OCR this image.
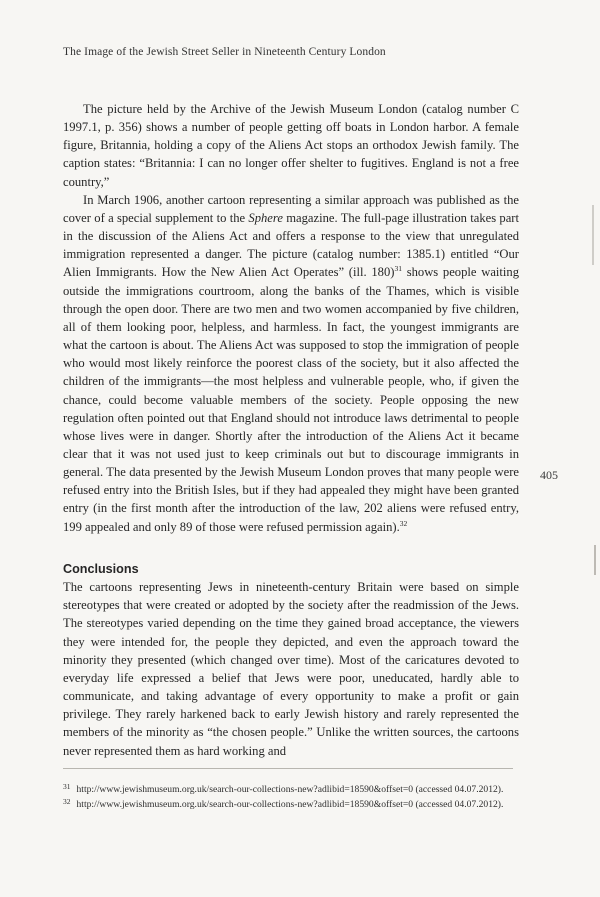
The Image of the Jewish Street Seller in Nineteenth Century London

The picture held by the Archive of the Jewish Museum London (catalog number C 1997.1, p. 356) shows a number of people getting off boats in London harbor. A female figure, Britannia, holding a copy of the Aliens Act stops an orthodox Jewish family. The caption states: “Britannia: I can no longer offer shelter to fugitives. England is not a free country,”

In March 1906, another cartoon representing a similar approach was published as the cover of a special supplement to the Sphere magazine. The full-page illustration takes part in the discussion of the Aliens Act and offers a response to the view that unregulated immigration represented a danger. The picture (catalog number: 1385.1) entitled “Our Alien Immigrants. How the New Alien Act Operates” (ill. 180)$^{31}$ shows people waiting outside the immigrations courtroom, along the banks of the Thames, which is visible through the open door. There are two men and two women accompanied by five children, all of them looking poor, helpless, and harmless. In fact, the youngest immigrants are what the cartoon is about. The Aliens Act was supposed to stop the immigration of people who would most likely reinforce the poorest class of the society, but it also affected the children of the immigrants—the most helpless and vulnerable people, who, if given the chance, could become valuable members of the society. People opposing the new regulation often pointed out that England should not introduce laws detrimental to people whose lives were in danger. Shortly after the introduction of the Aliens Act it became clear that it was not used just to keep criminals out but to discourage immigrants in general. The data presented by the Jewish Museum London proves that many people were refused entry into the British Isles, but if they had appealed they might have been granted entry (in the first month after the introduction of the law, 202 aliens were refused entry, 199 appealed and only 89 of those were refused permission again).$^{32}$

Conclusions

The cartoons representing Jews in nineteenth-century Britain were based on simple stereotypes that were created or adopted by the society after the readmission of the Jews. The stereotypes varied depending on the time they gained broad acceptance, the viewers they were intended for, the people they depicted, and even the approach toward the minority they presented (which changed over time). Most of the caricatures devoted to everyday life expressed a belief that Jews were poor, uneducated, hardly able to communicate, and taking advantage of every opportunity to make a profit or gain privilege. They rarely harkened back to early Jewish history and rarely represented the members of the minority as “the chosen people.” Unlike the written sources, the cartoons never represented them as hard working and

405
$^{31}$ http://www.jewishmuseum.org.uk/search-our-collections-new?adlibid=18590&offset=0 (accessed 04.07.2012).
$^{32}$ http://www.jewishmuseum.org.uk/search-our-collections-new?adlibid=18590&offset=0 (accessed 04.07.2012).
